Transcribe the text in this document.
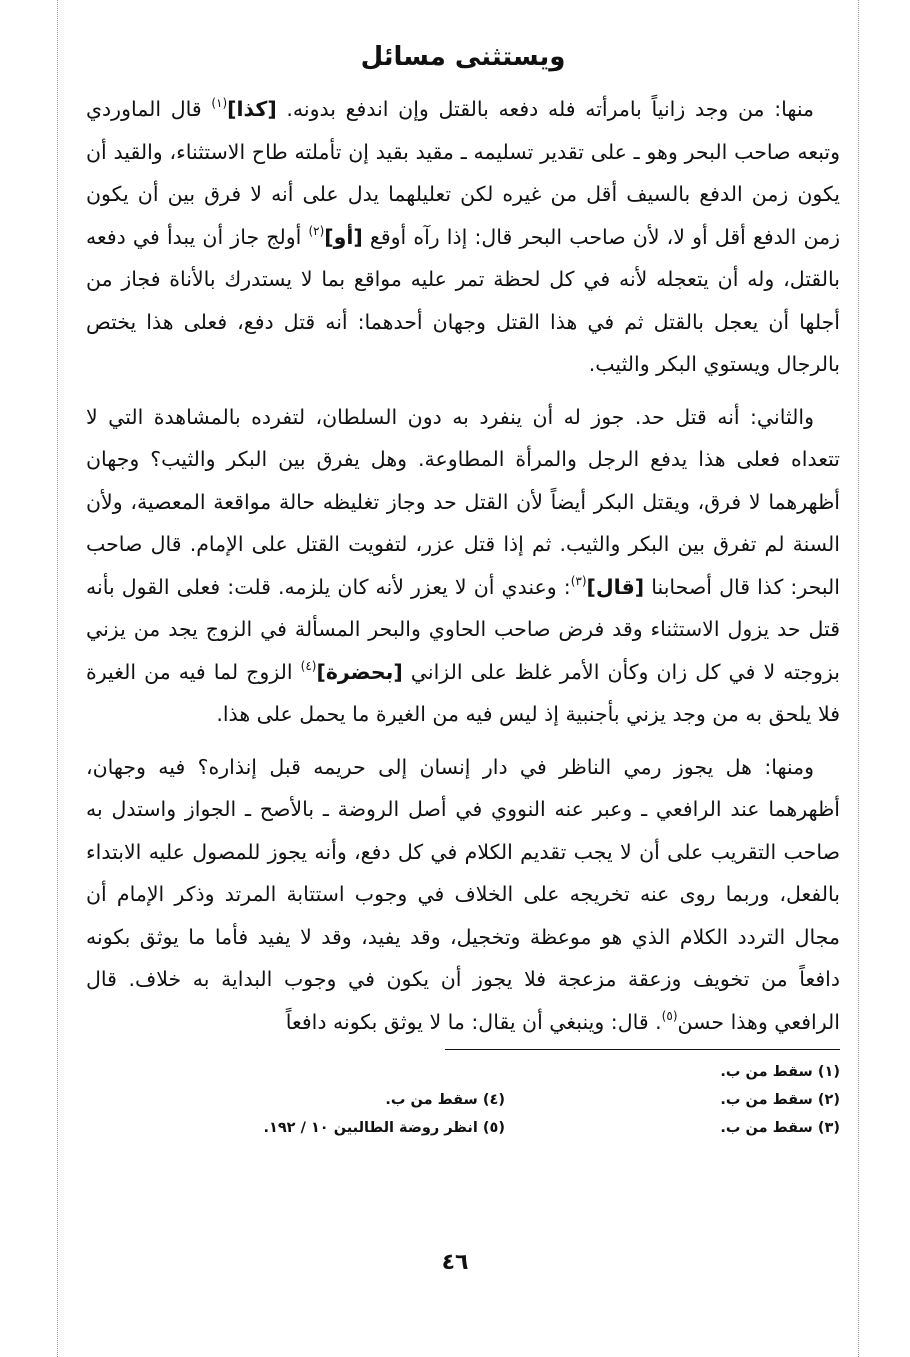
ويستثنى مسائل

منها: من وجد زانياً بامرأته فله دفعه بالقتل وإن اندفع بدونه. [كذا]$^{(١)}$ قال الماوردي وتبعه صاحب البحر وهو ـ على تقدير تسليمه ـ مقيد بقيد إن تأملته طاح الاستثناء، والقيد أن يكون زمن الدفع بالسيف أقل من غيره لكن تعليلهما يدل على أنه لا فرق بين أن يكون زمن الدفع أقل أو لا، لأن صاحب البحر قال: إذا رآه أوقع [أو]$^{(٢)}$ أولج جاز أن يبدأ في دفعه بالقتل، وله أن يتعجله لأنه في كل لحظة تمر عليه مواقع بما لا يستدرك بالأناة فجاز من أجلها أن يعجل بالقتل ثم في هذا القتل وجهان أحدهما: أنه قتل دفع، فعلى هذا يختص بالرجال ويستوي البكر والثيب.

والثاني: أنه قتل حد. جوز له أن ينفرد به دون السلطان، لتفرده بالمشاهدة التي لا تتعداه فعلى هذا يدفع الرجل والمرأة المطاوعة. وهل يفرق بين البكر والثيب؟ وجهان أظهرهما لا فرق، ويقتل البكر أيضاً لأن القتل حد وجاز تغليظه حالة مواقعة المعصية، ولأن السنة لم تفرق بين البكر والثيب. ثم إذا قتل عزر، لتفويت القتل على الإمام. قال صاحب البحر: كذا قال أصحابنا [قال]$^{(٣)}$: وعندي أن لا يعزر لأنه كان يلزمه. قلت: فعلى القول بأنه قتل حد يزول الاستثناء وقد فرض صاحب الحاوي والبحر المسألة في الزوج يجد من يزني بزوجته لا في كل زان وكأن الأمر غلظ على الزاني [بحضرة]$^{(٤)}$ الزوج لما فيه من الغيرة فلا يلحق به من وجد يزني بأجنبية إذ ليس فيه من الغيرة ما يحمل على هذا.

ومنها: هل يجوز رمي الناظر في دار إنسان إلى حريمه قبل إنذاره؟ فيه وجهان، أظهرهما عند الرافعي ـ وعبر عنه النووي في أصل الروضة ـ بالأصح ـ الجواز واستدل به صاحب التقريب على أن لا يجب تقديم الكلام في كل دفع، وأنه يجوز للمصول عليه الابتداء بالفعل، وربما روى عنه تخريجه على الخلاف في وجوب استتابة المرتد وذكر الإمام أن مجال التردد الكلام الذي هو موعظة وتخجيل، وقد يفيد، وقد لا يفيد فأما ما يوثق بكونه دافعاً من تخويف وزعقة مزعجة فلا يجوز أن يكون في وجوب البداية به خلاف. قال الرافعي وهذا حسن$^{(٥)}$. قال: وينبغي أن يقال: ما لا يوثق بكونه دافعاً

(١) سقط من ب.
(٢) سقط من ب.
(٤) سقط من ب.
(٣) سقط من ب.
(٥) انظر روضة الطالبين ١٠ / ١٩٢.
٤٦
